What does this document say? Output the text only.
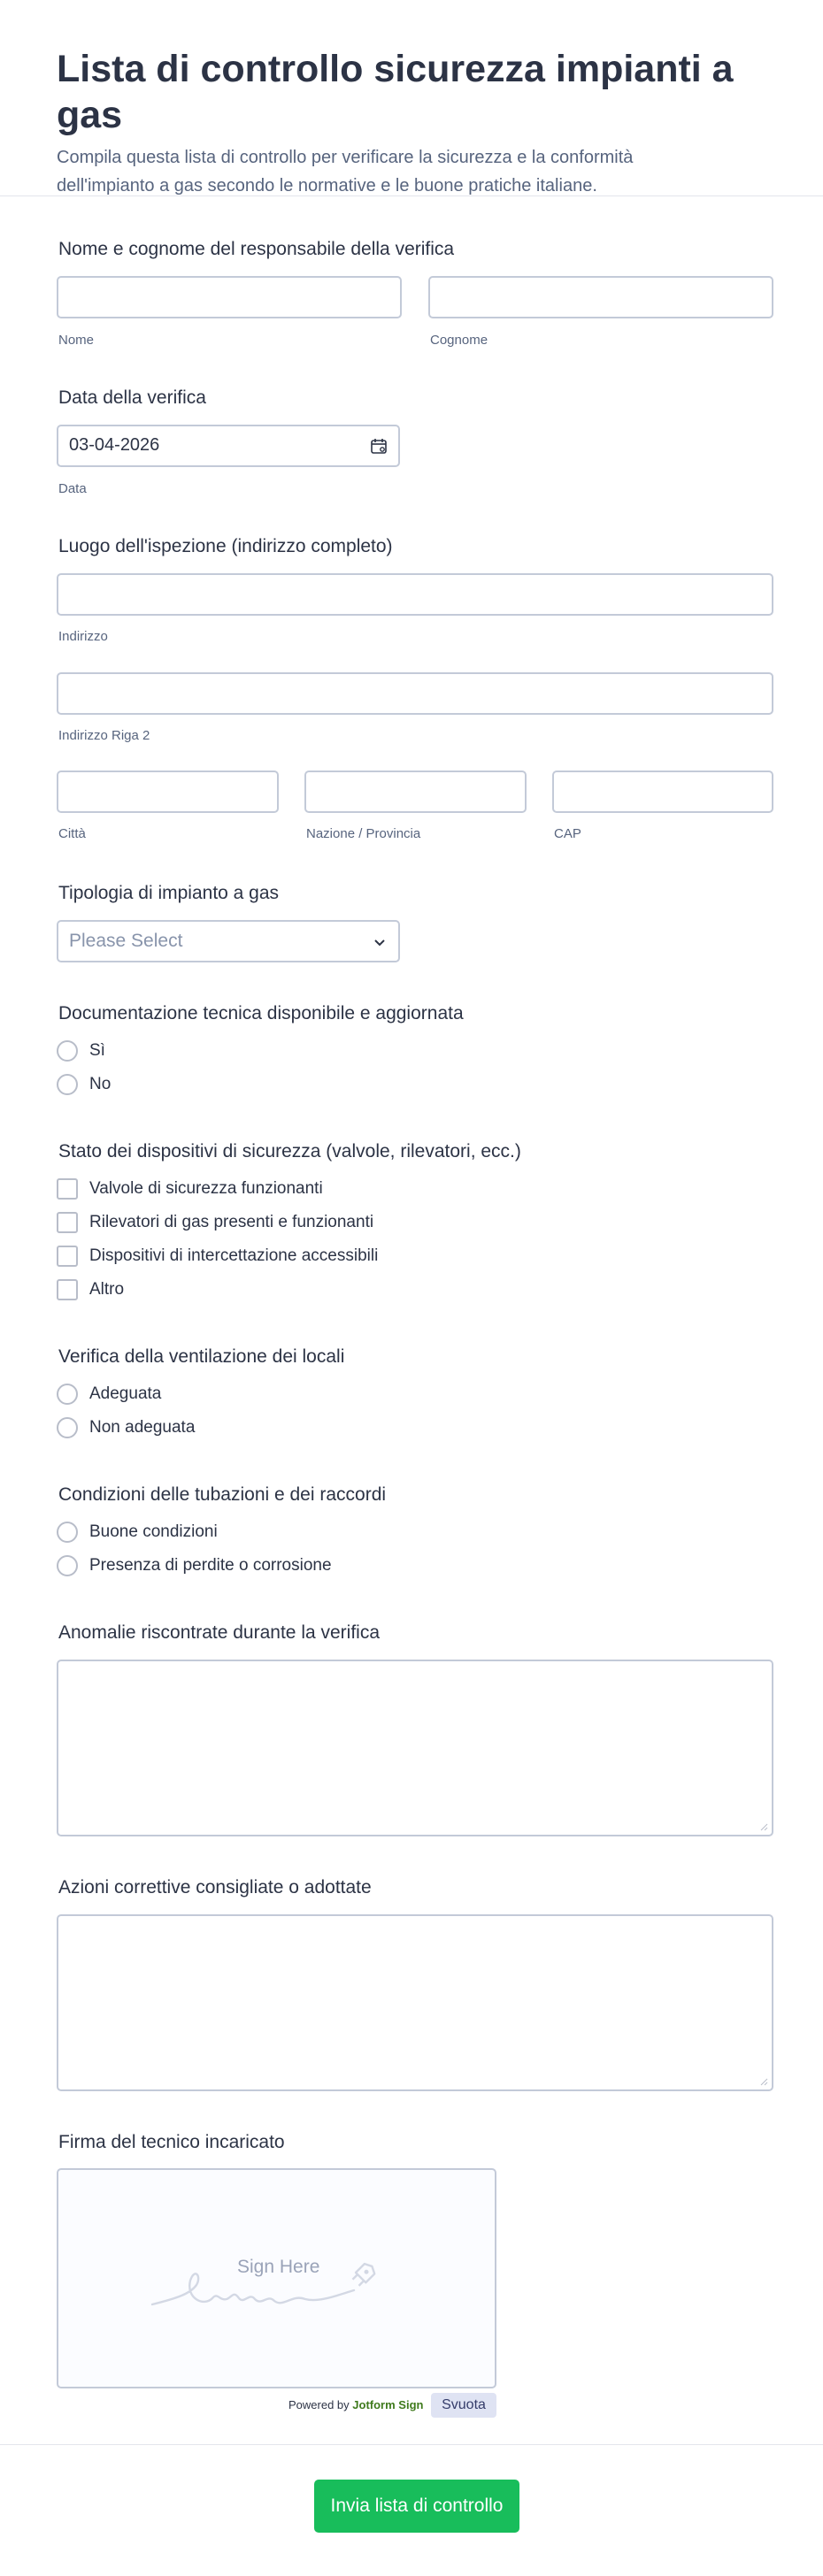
Lista di controllo sicurezza impianti a gas

Compila questa lista di controllo per verificare la sicurezza e la conformità dell'impianto a gas secondo le normative e le buone pratiche italiane.

Nome e cognome del responsabile della verifica
Nome	Cognome
Data della verifica
03-04-2026
Data
Luogo dell'ispezione (indirizzo completo)
Indirizzo
Indirizzo Riga 2
Città	Nazione / Provincia	CAP
Tipologia di impianto a gas
Please Select
Documentazione tecnica disponibile e aggiornata
Sì
No
Stato dei dispositivi di sicurezza (valvole, rilevatori, ecc.)
Valvole di sicurezza funzionanti
Rilevatori di gas presenti e funzionanti
Dispositivi di intercettazione accessibili
Altro
Verifica della ventilazione dei locali
Adeguata
Non adeguata
Condizioni delle tubazioni e dei raccordi
Buone condizioni
Presenza di perdite o corrosione
Anomalie riscontrate durante la verifica
Azioni correttive consigliate o adottate
Firma del tecnico incaricato
Sign Here
Powered by Jotform Sign	Svuota
Invia lista di controllo
